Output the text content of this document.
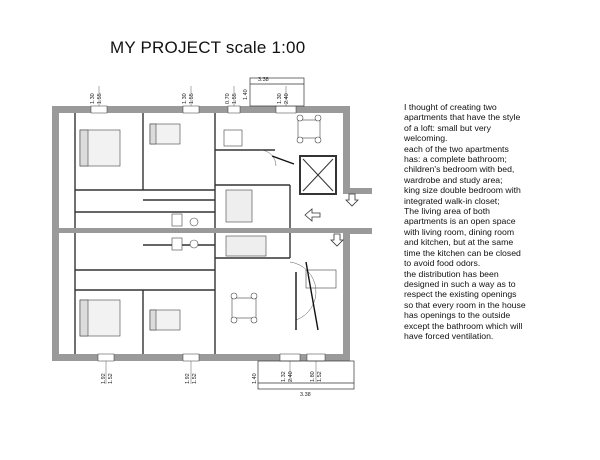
MY PROJECT scale 1:00
I thought of creating two
apartments that have the style
of a loft: small but very
welcoming.
each of the two apartments
has: a complete bathroom;
children's bedroom with bed,
wardrobe and study area;
king size double bedroom with
integrated walk-in closet;
The living area of both
apartments is an open space
with living room, dining room
and kitchen, but at the same
time the kitchen can be closed
to avoid food odors.
the distribution has been
designed in such a way as to
respect the existing openings
so that every room in the house
has openings to the outside
except the bathroom which will
have forced ventilation.
3.38
3.38
1.30 1.55	1.30 1.55	0.70 1.55	1.30 2.40
1.92 1.52	1.92 1.52	1.32 2.40	1.80 1.52
1.40
1.40
